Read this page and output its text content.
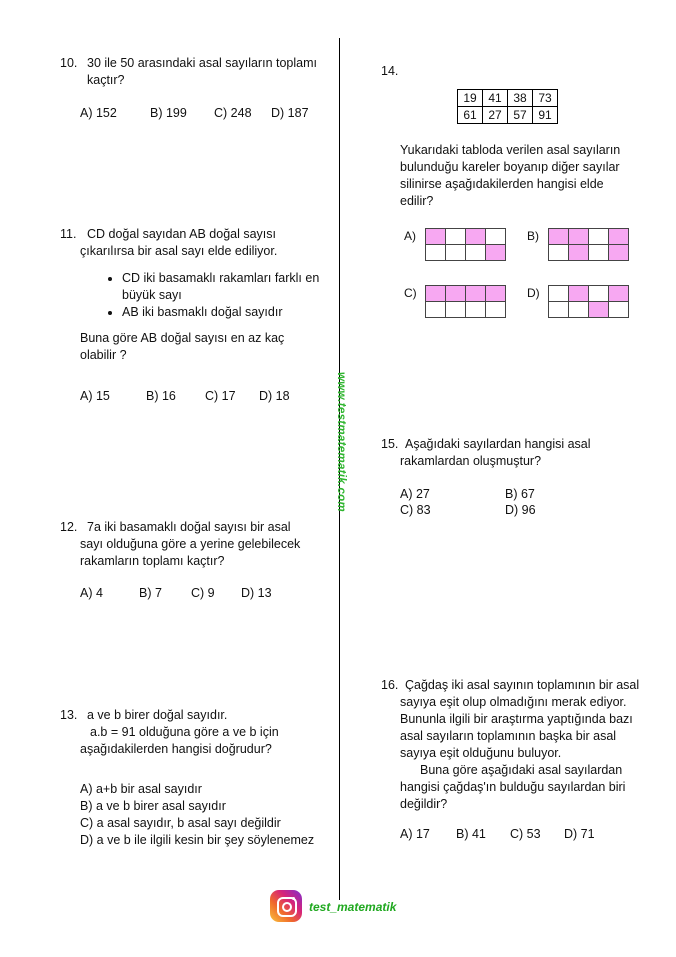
www.testmatematik.com
10. 30 ile 50 arasındaki asal sayıların toplamı
kaçtır?
A) 152	B) 199	C) 248	D) 187
11. CD doğal sayıdan AB doğal sayısı
çıkarılırsa bir asal sayı elde ediliyor.
• CD iki basamaklı rakamları farklı en
büyük sayı
• AB iki basmaklı doğal sayıdır
Buna göre AB doğal sayısı en az kaç
olabilir ?
A) 15	B) 16	C) 17	D) 18
12. 7a iki basamaklı doğal sayısı bir asal
sayı olduğuna göre a yerine gelebilecek
rakamların toplamı kaçtır?
A) 4	B) 7	C) 9	D) 13
13. a ve b birer doğal sayıdır.
a.b = 91 olduğuna göre a ve b için
aşağıdakilerden hangisi doğrudur?
A) a+b bir asal sayıdır
B) a ve b birer asal sayıdır
C) a asal sayıdır, b asal sayı değildir
D) a ve b ile ilgili kesin bir şey söylenemez
14.
19	41	38	73
61	27	57	91
Yukarıdaki tabloda verilen asal sayıların
bulunduğu kareler boyanıp diğer sayılar
silinirse aşağıdakilerden hangisi elde
edilir?
A)	B)
C)	D)
15. Aşağıdaki sayılardan hangisi asal
rakamlardan oluşmuştur?
A) 27	B) 67
C) 83	D) 96
16. Çağdaş iki asal sayının toplamının bir asal
sayıya eşit olup olmadığını merak ediyor.
Bununla ilgili bir araştırma yaptığında bazı
asal sayıların toplamının başka bir asal
sayıya eşit olduğunu buluyor.
Buna göre aşağıdaki asal sayılardan
hangisi çağdaş'ın bulduğu sayılardan biri
değildir?
A) 17	B) 41	C) 53	D) 71
test_matematik
